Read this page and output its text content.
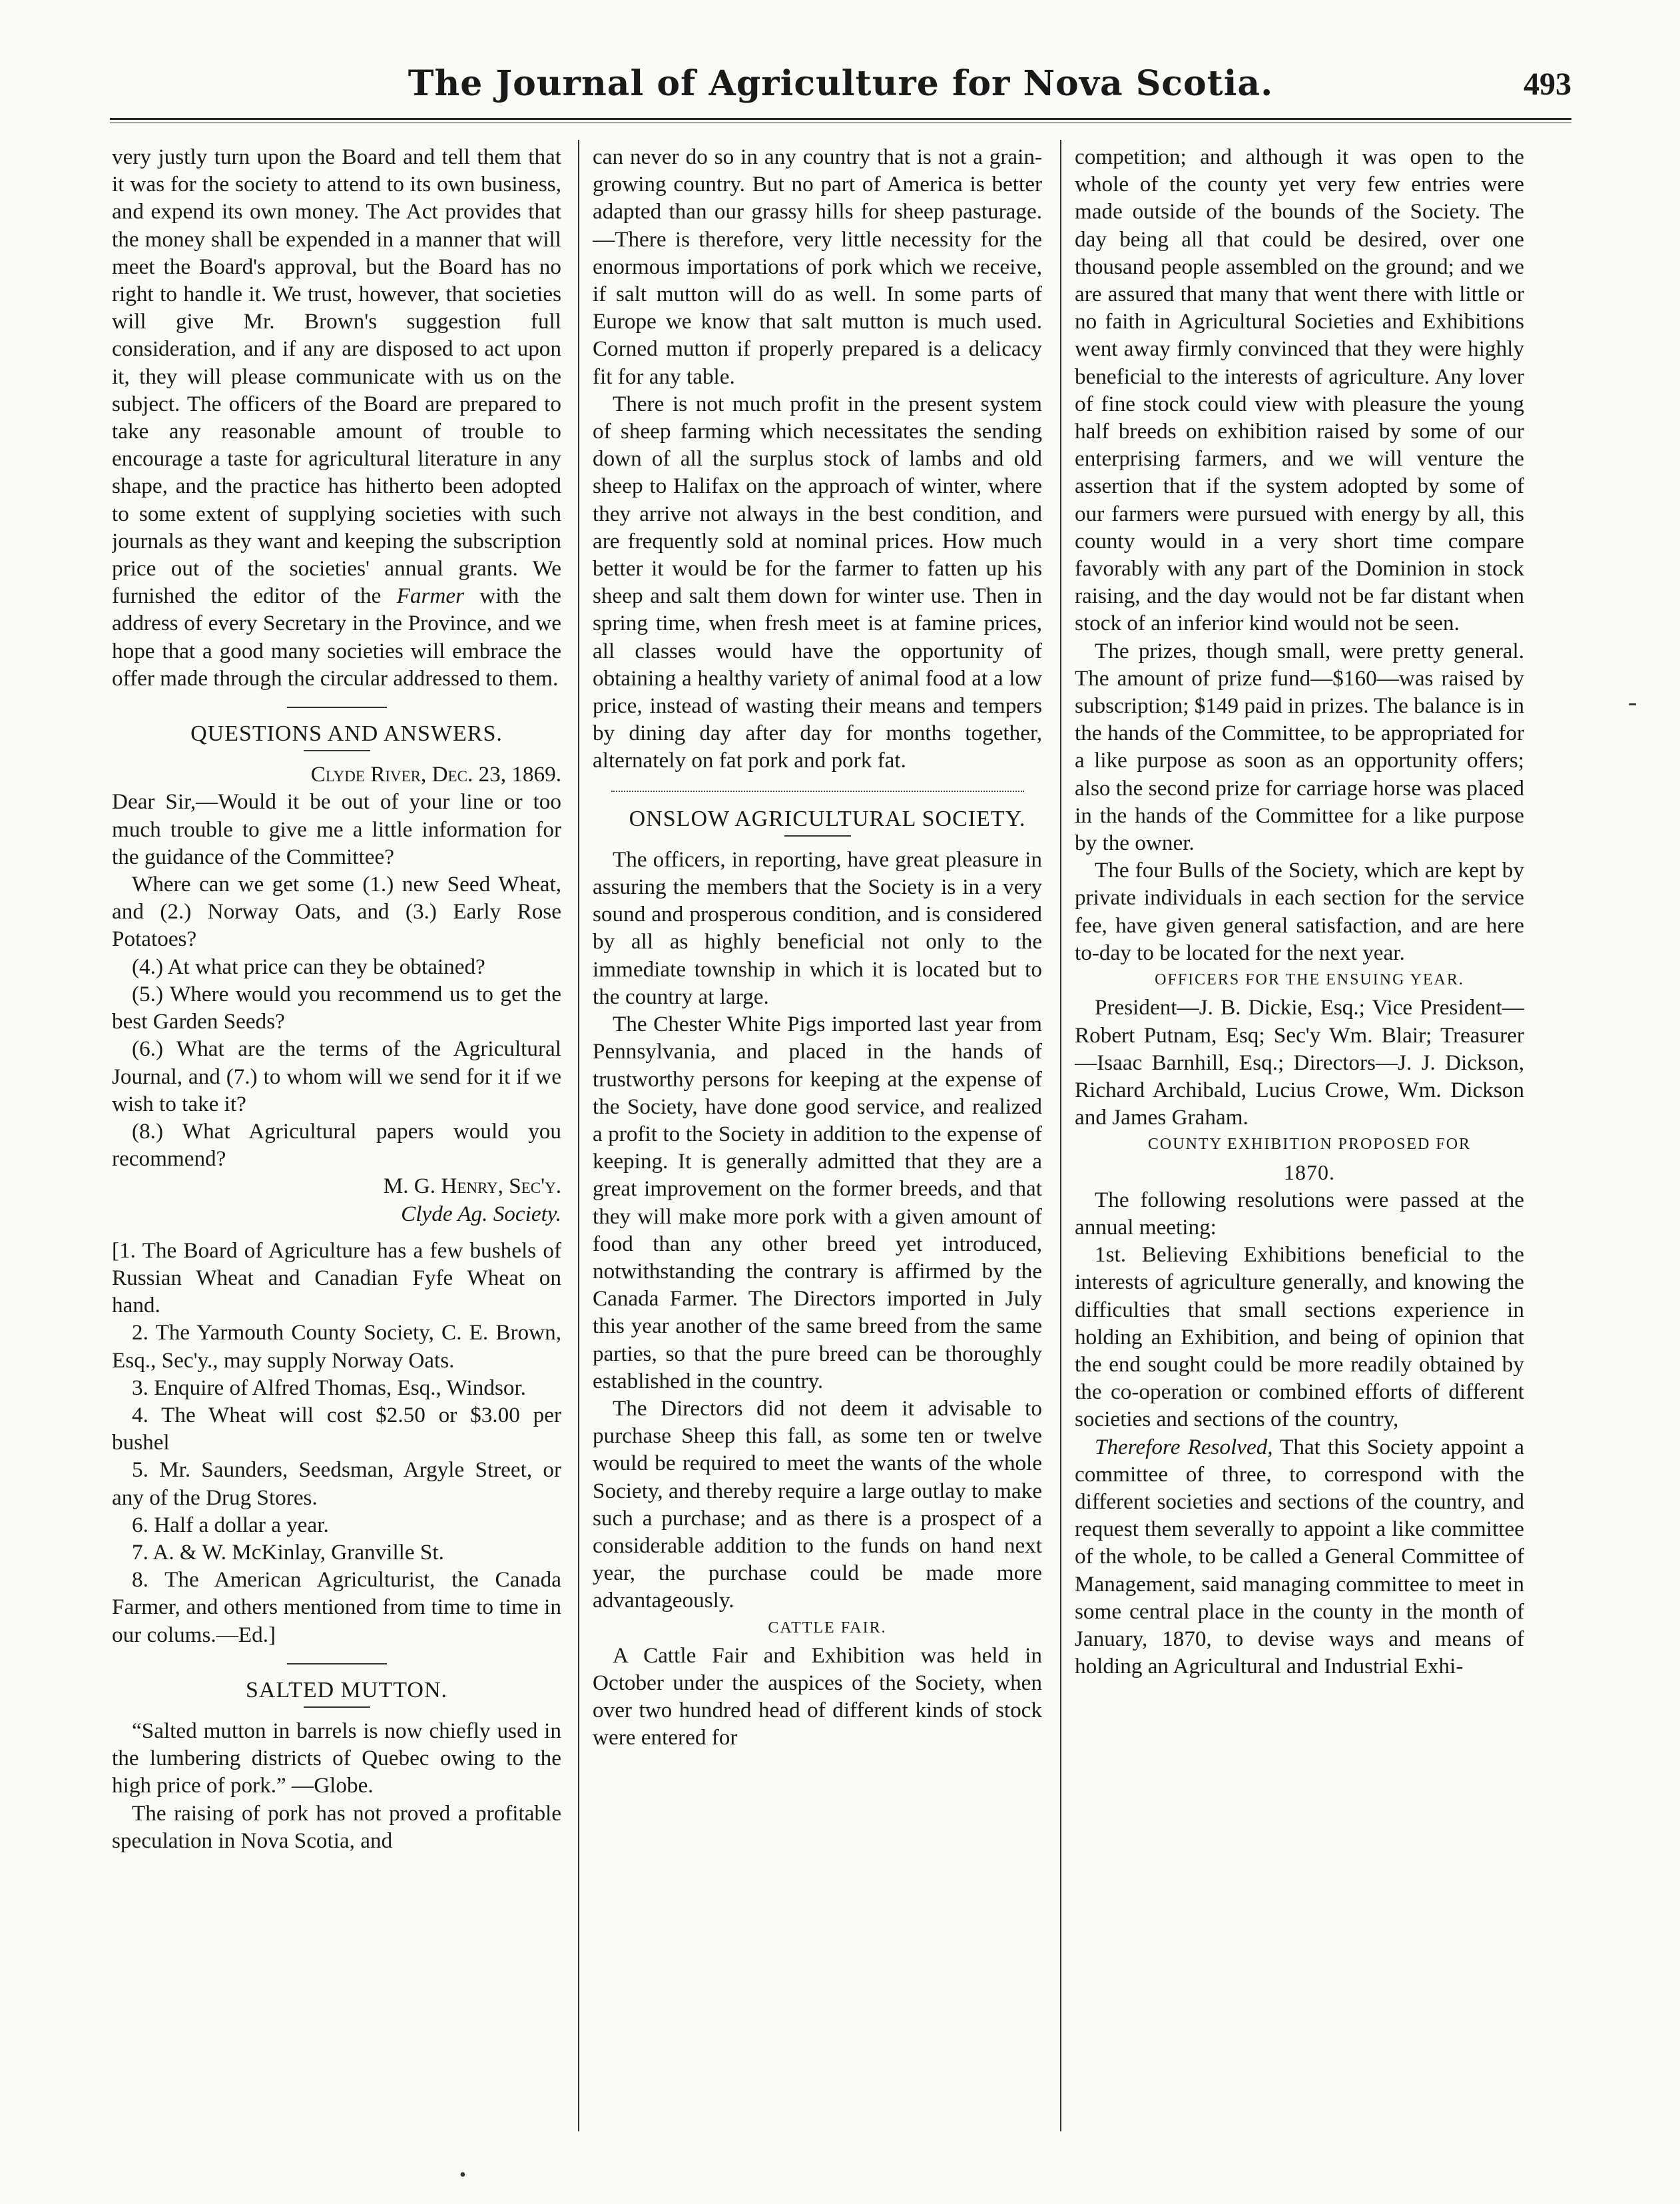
The Journal of Agriculture for Nova Scotia.	493

very justly turn upon the Board and tell them that it was for the society to attend to its own business, and expend its own money. The Act provides that the money shall be expended in a manner that will meet the Board's approval, but the Board has no right to handle it. We trust, however, that societies will give Mr. Brown's suggestion full consideration, and if any are disposed to act upon it, they will please communicate with us on the subject. The officers of the Board are prepared to take any reasonable amount of trouble to encourage a taste for agricultural literature in any shape, and the practice has hitherto been adopted to some extent of supplying societies with such journals as they want and keeping the subscription price out of the societies' annual grants. We furnished the editor of the Farmer with the address of every Secretary in the Province, and we hope that a good many societies will embrace the offer made through the circular addressed to them.

QUESTIONS AND ANSWERS.

Clyde River, Dec. 23, 1869.

Dear Sir,—Would it be out of your line or too much trouble to give me a little information for the guidance of the Committee?

Where can we get some (1.) new Seed Wheat, and (2.) Norway Oats, and (3.) Early Rose Potatoes?

(4.) At what price can they be obtained?

(5.) Where would you recommend us to get the best Garden Seeds?

(6.) What are the terms of the Agricultural Journal, and (7.) to whom will we send for it if we wish to take it?

(8.) What Agricultural papers would you recommend?

M. G. Henry, Sec'y.

Clyde Ag. Society.

[1. The Board of Agriculture has a few bushels of Russian Wheat and Canadian Fyfe Wheat on hand.

2. The Yarmouth County Society, C. E. Brown, Esq., Sec'y., may supply Norway Oats.

3. Enquire of Alfred Thomas, Esq., Windsor.

4. The Wheat will cost $2.50 or $3.00 per bushel

5. Mr. Saunders, Seedsman, Argyle Street, or any of the Drug Stores.

6. Half a dollar a year.

7. A. & W. McKinlay, Granville St.

8. The American Agriculturist, the Canada Farmer, and others mentioned from time to time in our colums.—Ed.]

SALTED MUTTON.

“Salted mutton in barrels is now chiefly used in the lumbering districts of Quebec owing to the high price of pork.” —Globe.

The raising of pork has not proved a profitable speculation in Nova Scotia, and

can never do so in any country that is not a grain-growing country. But no part of America is better adapted than our grassy hills for sheep pasturage.—There is therefore, very little necessity for the enormous importations of pork which we receive, if salt mutton will do as well. In some parts of Europe we know that salt mutton is much used. Corned mutton if properly prepared is a delicacy fit for any table.

There is not much profit in the present system of sheep farming which necessitates the sending down of all the surplus stock of lambs and old sheep to Halifax on the approach of winter, where they arrive not always in the best condition, and are frequently sold at nominal prices. How much better it would be for the farmer to fatten up his sheep and salt them down for winter use. Then in spring time, when fresh meet is at famine prices, all classes would have the opportunity of obtaining a healthy variety of animal food at a low price, instead of wasting their means and tempers by dining day after day for months together, alternately on fat pork and pork fat.

ONSLOW AGRICULTURAL SOCIETY.

The officers, in reporting, have great pleasure in assuring the members that the Society is in a very sound and prosperous condition, and is considered by all as highly beneficial not only to the immediate township in which it is located but to the country at large.

The Chester White Pigs imported last year from Pennsylvania, and placed in the hands of trustworthy persons for keeping at the expense of the Society, have done good service, and realized a profit to the Society in addition to the expense of keeping. It is generally admitted that they are a great improvement on the former breeds, and that they will make more pork with a given amount of food than any other breed yet introduced, notwithstanding the contrary is affirmed by the Canada Farmer. The Directors imported in July this year another of the same breed from the same parties, so that the pure breed can be thoroughly established in the country.

The Directors did not deem it advisable to purchase Sheep this fall, as some ten or twelve would be required to meet the wants of the whole Society, and thereby require a large outlay to make such a purchase; and as there is a prospect of a considerable addition to the funds on hand next year, the purchase could be made more advantageously.

CATTLE FAIR.

A Cattle Fair and Exhibition was held in October under the auspices of the Society, when over two hundred head of different kinds of stock were entered for

competition; and although it was open to the whole of the county yet very few entries were made outside of the bounds of the Society. The day being all that could be desired, over one thousand people assembled on the ground; and we are assured that many that went there with little or no faith in Agricultural Societies and Exhibitions went away firmly convinced that they were highly beneficial to the interests of agriculture. Any lover of fine stock could view with pleasure the young half breeds on exhibition raised by some of our enterprising farmers, and we will venture the assertion that if the system adopted by some of our farmers were pursued with energy by all, this county would in a very short time compare favorably with any part of the Dominion in stock raising, and the day would not be far distant when stock of an inferior kind would not be seen.

The prizes, though small, were pretty general. The amount of prize fund—$160—was raised by subscription; $149 paid in prizes. The balance is in the hands of the Committee, to be appropriated for a like purpose as soon as an opportunity offers; also the second prize for carriage horse was placed in the hands of the Committee for a like purpose by the owner.

The four Bulls of the Society, which are kept by private individuals in each section for the service fee, have given general satisfaction, and are here to-day to be located for the next year.

OFFICERS FOR THE ENSUING YEAR.

President—J. B. Dickie, Esq.; Vice President—Robert Putnam, Esq; Sec'y Wm. Blair; Treasurer—Isaac Barnhill, Esq.; Directors—J. J. Dickson, Richard Archibald, Lucius Crowe, Wm. Dickson and James Graham.

COUNTY EXHIBITION PROPOSED FOR

1870.

The following resolutions were passed at the annual meeting:

1st. Believing Exhibitions beneficial to the interests of agriculture generally, and knowing the difficulties that small sections experience in holding an Exhibition, and being of opinion that the end sought could be more readily obtained by the co-operation or combined efforts of different societies and sections of the country,

Therefore Resolved, That this Society appoint a committee of three, to correspond with the different societies and sections of the country, and request them severally to appoint a like committee of the whole, to be called a General Committee of Management, said managing committee to meet in some central place in the county in the month of January, 1870, to devise ways and means of holding an Agricultural and Industrial Exhi-

-
•
